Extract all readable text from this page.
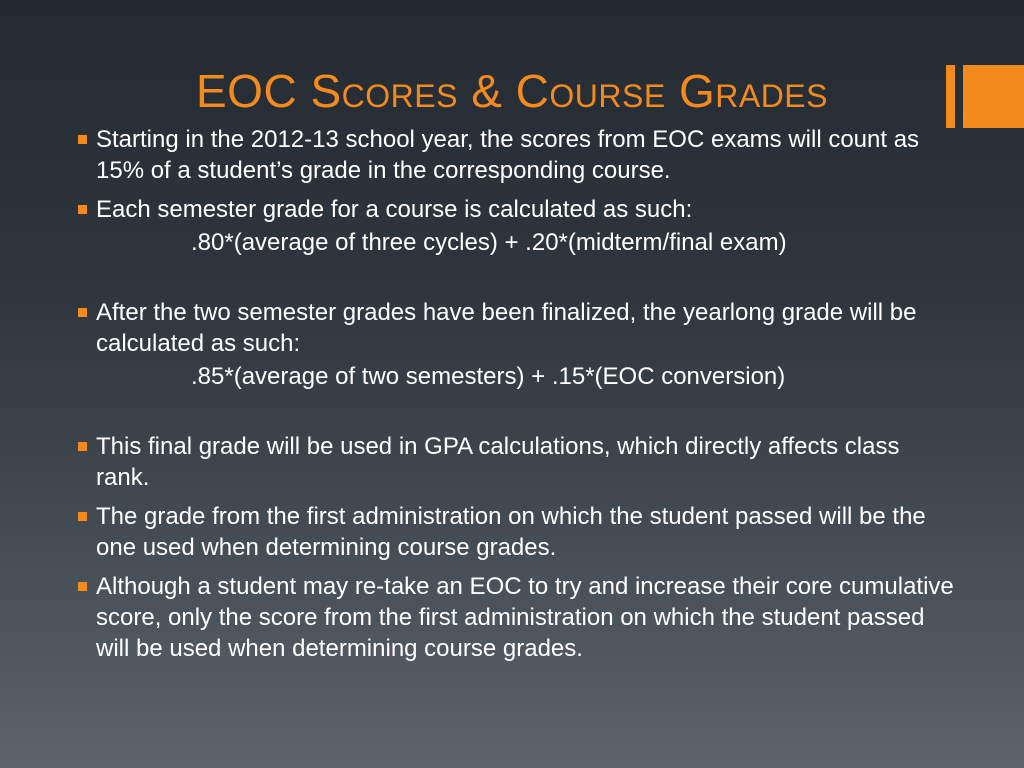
EOC Scores & Course Grades
Starting in the 2012-13 school year, the scores from EOC exams will count as 15% of a student’s grade in the corresponding course.
Each semester grade for a course is calculated as such:
.80*(average of three cycles) + .20*(midterm/final exam)
After the two semester grades have been finalized, the yearlong grade will be calculated as such:
.85*(average of two semesters) + .15*(EOC conversion)
This final grade will be used in GPA calculations, which directly affects class rank.
The grade from the first administration on which the student passed will be the one used when determining course grades.
Although a student may re-take an EOC to try and increase their core cumulative score, only the score from the first administration on which the student passed will be used when determining course grades.
